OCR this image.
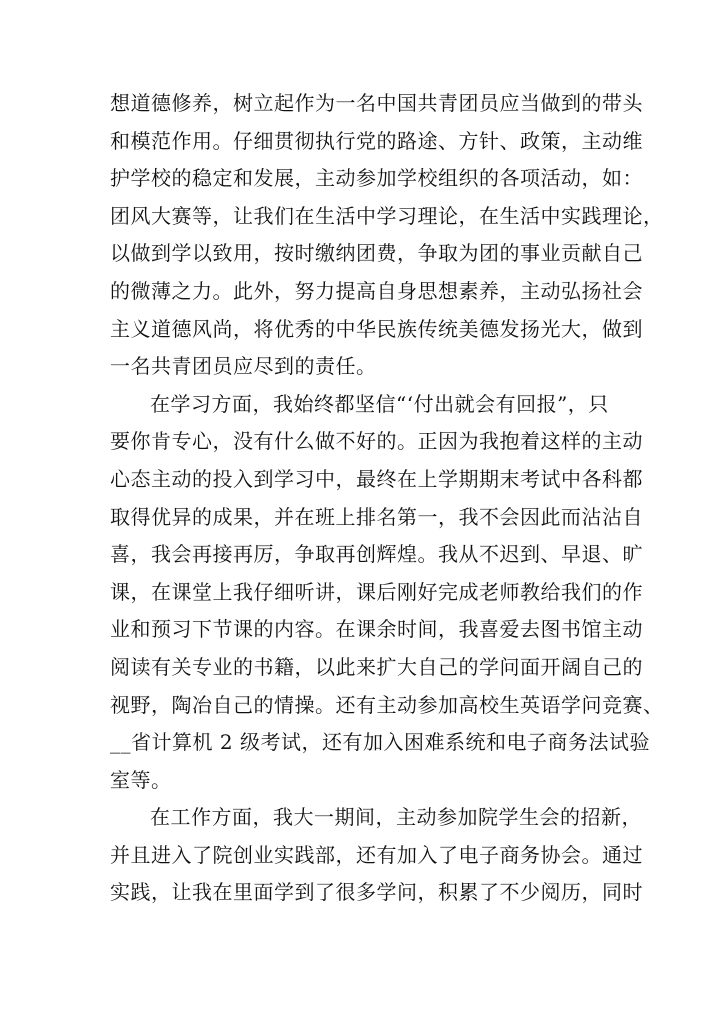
想道德修养，树立起作为一名中国共青团员应当做到的带头
和模范作用。仔细贯彻执行党的路途、方针、政策，主动维
护学校的稳定和发展，主动参加学校组织的各项活动，如：
团风大赛等，让我们在生活中学习理论，在生活中实践理论，
以做到学以致用，按时缴纳团费，争取为团的事业贡献自己
的微薄之力。此外，努力提高自身思想素养，主动弘扬社会
主义道德风尚，将优秀的中华民族传统美德发扬光大，做到
一名共青团员应尽到的责任。
在学习方面，我始终都坚信“‘付出就会有回报”，只
要你肯专心，没有什么做不好的。正因为我抱着这样的主动
心态主动的投入到学习中，最终在上学期期末考试中各科都
取得优异的成果，并在班上排名第一，我不会因此而沾沾自
喜，我会再接再厉，争取再创辉煌。我从不迟到、早退、旷
课，在课堂上我仔细听讲，课后刚好完成老师教给我们的作
业和预习下节课的内容。在课余时间，我喜爱去图书馆主动
阅读有关专业的书籍，以此来扩大自己的学问面开阔自己的
视野，陶冶自己的情操。还有主动参加高校生英语学问竞赛、
__省计算机 2 级考试，还有加入困难系统和电子商务法试验
室等。
在工作方面，我大一期间，主动参加院学生会的招新，
并且进入了院创业实践部，还有加入了电子商务协会。通过
实践，让我在里面学到了很多学问，积累了不少阅历，同时
